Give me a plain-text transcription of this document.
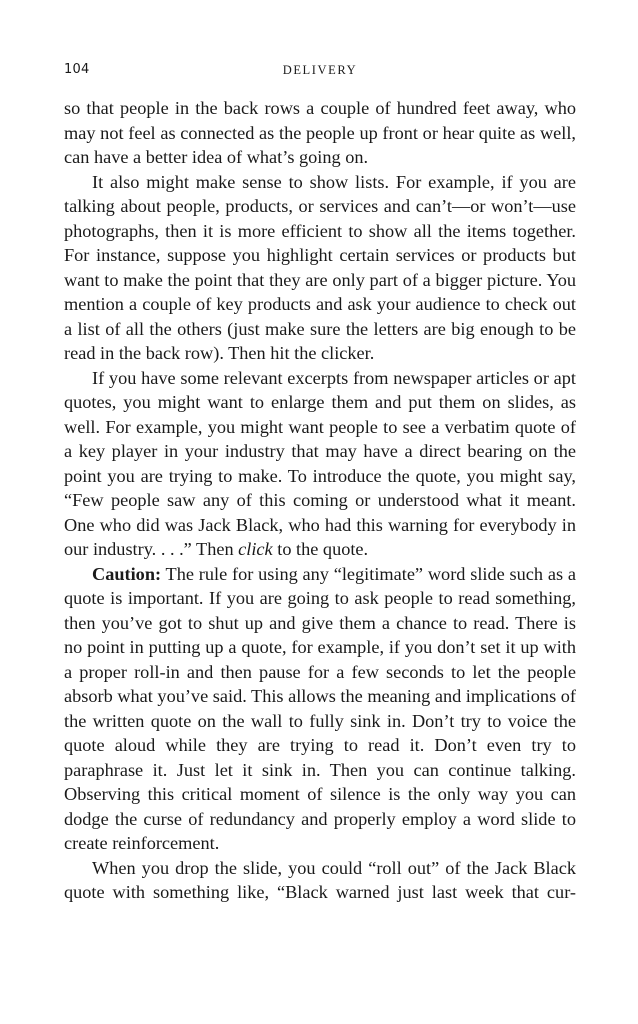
104	DELIVERY

so that people in the back rows a couple of hundred feet away, who may not feel as connected as the people up front or hear quite as well, can have a better idea of what’s going on.

It also might make sense to show lists. For example, if you are talking about people, products, or services and can’t—or won’t—use photographs, then it is more efficient to show all the items together. For instance, suppose you highlight certain services or products but want to make the point that they are only part of a bigger picture. You mention a couple of key products and ask your audience to check out a list of all the others (just make sure the letters are big enough to be read in the back row). Then hit the clicker.

If you have some relevant excerpts from newspaper articles or apt quotes, you might want to enlarge them and put them on slides, as well. For example, you might want people to see a verbatim quote of a key player in your industry that may have a direct bearing on the point you are trying to make. To introduce the quote, you might say, “Few people saw any of this coming or understood what it meant. One who did was Jack Black, who had this warning for everybody in our industry. . . .” Then click to the quote.

Caution: The rule for using any “legitimate” word slide such as a quote is important. If you are going to ask people to read something, then you’ve got to shut up and give them a chance to read. There is no point in putting up a quote, for example, if you don’t set it up with a proper roll-in and then pause for a few seconds to let the people absorb what you’ve said. This allows the meaning and implications of the written quote on the wall to fully sink in. Don’t try to voice the quote aloud while they are trying to read it. Don’t even try to paraphrase it. Just let it sink in. Then you can continue talking. Observing this critical moment of silence is the only way you can dodge the curse of redundancy and properly employ a word slide to create reinforcement.

When you drop the slide, you could “roll out” of the Jack Black quote with something like, “Black warned just last week that cur-
